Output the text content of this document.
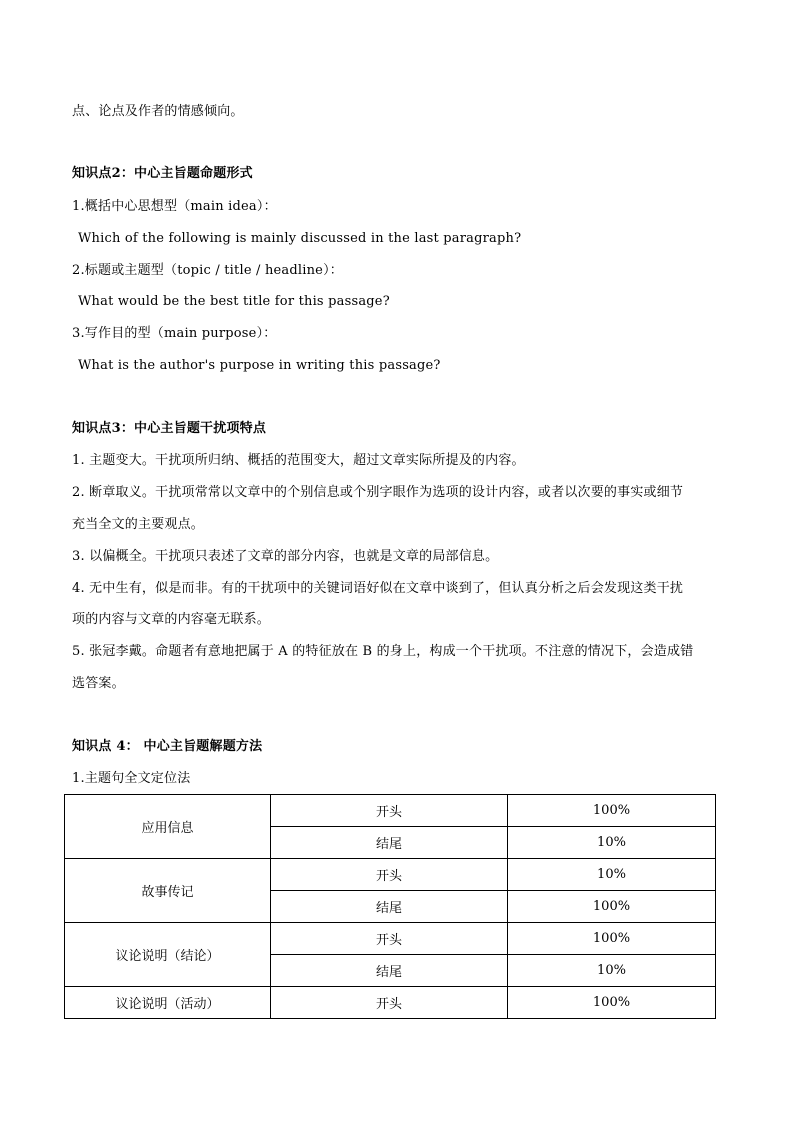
点、论点及作者的情感倾向。
知识点2：中心主旨题命题形式
1.概括中心思想型（main idea）：
Which of the following is mainly discussed in the last paragraph?
2.标题或主题型（topic / title / headline）：
What would be the best title for this passage?
3.写作目的型（main purpose）：
What is the author's purpose in writing this passage?
知识点3：中心主旨题干扰项特点
1. 主题变大。干扰项所归纳、概括的范围变大，超过文章实际所提及的内容。
2. 断章取义。干扰项常常以文章中的个别信息或个别字眼作为选项的设计内容，或者以次要的事实或细节
充当全文的主要观点。
3. 以偏概全。干扰项只表述了文章的部分内容，也就是文章的局部信息。
4. 无中生有，似是而非。有的干扰项中的关键词语好似在文章中谈到了，但认真分析之后会发现这类干扰
项的内容与文章的内容毫无联系。
5. 张冠李戴。命题者有意地把属于 A 的特征放在 B 的身上，构成一个干扰项。不注意的情况下，会造成错
选答案。
知识点 4： 中心主旨题解题方法
1.主题句全文定位法
应用信息	开头	100%
	结尾	10%
故事传记	开头	10%
	结尾	100%
议论说明（结论）	开头	100%
	结尾	10%
议论说明（活动）	开头	100%
